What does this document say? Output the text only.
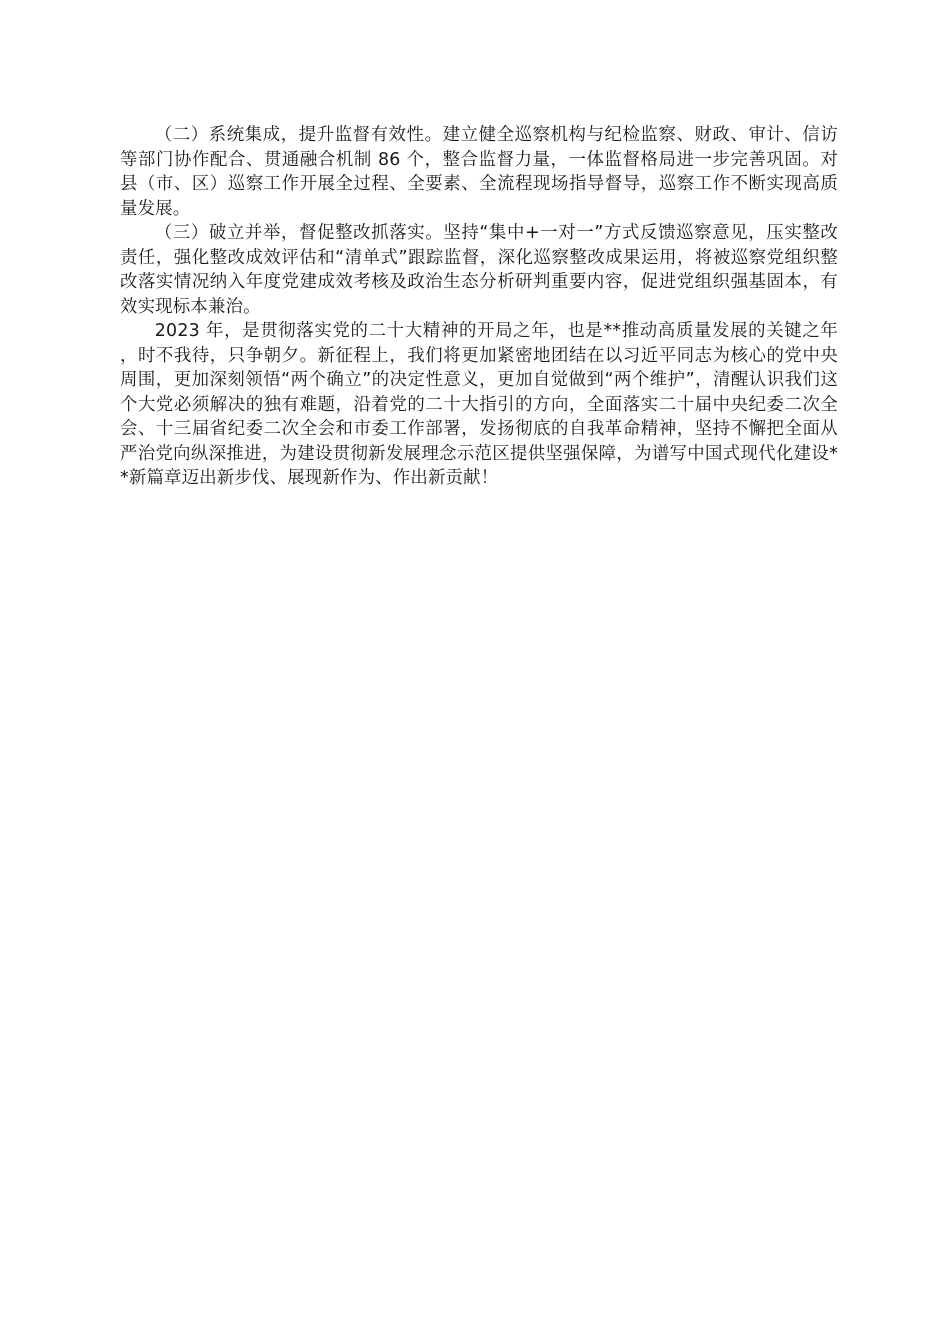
（二）系统集成，提升监督有效性。建立健全巡察机构与纪检监察、财政、审计、信访等部门协作配合、贯通融合机制 86 个，整合监督力量，一体监督格局进一步完善巩固。对县（市、区）巡察工作开展全过程、全要素、全流程现场指导督导，巡察工作不断实现高质量发展。

（三）破立并举，督促整改抓落实。坚持“集中+一对一”方式反馈巡察意见，压实整改责任，强化整改成效评估和“清单式”跟踪监督，深化巡察整改成果运用，将被巡察党组织整改落实情况纳入年度党建成效考核及政治生态分析研判重要内容，促进党组织强基固本，有效实现标本兼治。

2023 年，是贯彻落实党的二十大精神的开局之年，也是**推动高质量发展的关键之年，时不我待，只争朝夕。新征程上，我们将更加紧密地团结在以习近平同志为核心的党中央周围，更加深刻领悟“两个确立”的决定性意义，更加自觉做到“两个维护”，清醒认识我们这个大党必须解决的独有难题，沿着党的二十大指引的方向，全面落实二十届中央纪委二次全会、十三届省纪委二次全会和市委工作部署，发扬彻底的自我革命精神，坚持不懈把全面从严治党向纵深推进，为建设贯彻新发展理念示范区提供坚强保障，为谱写中国式现代化建设**新篇章迈出新步伐、展现新作为、作出新贡献！
